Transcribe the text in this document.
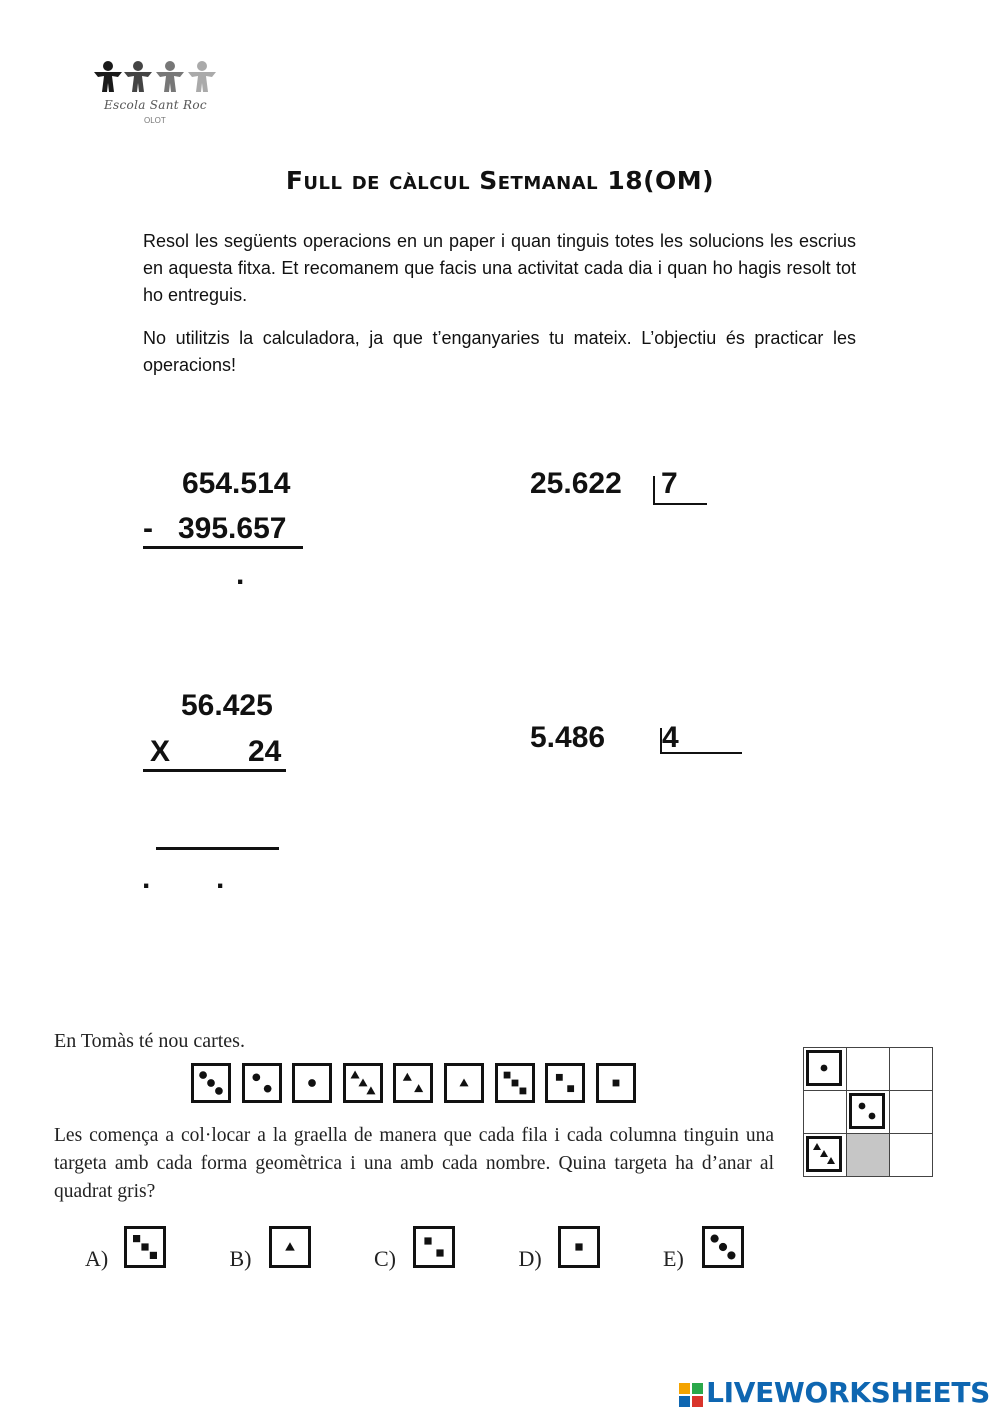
Escola Sant Roc
OLOT
Full de càlcul Setmanal 18(OM)
Resol les següents operacions en un paper i quan tinguis totes les solucions les escrius en aquesta fitxa. Et recomanem que facis una activitat cada dia i quan ho hagis resolt tot ho entreguis.
No utilitzis la calculadora, ja que t’enganyaries tu mateix. L’objectiu és practicar les operacions!
654.514
-   395.657
.
25.622 7
56.425
X	24
. .
5.486 4
En Tomàs té nou cartes.
Les comença a col·locar a la graella de manera que cada fila i cada columna tinguin una targeta amb cada forma geomètrica i una amb cada nombre. Quina targeta ha d’anar al quadrat gris?

A)	B)	C)	D)	E)
LIVEWORKSHEETS
